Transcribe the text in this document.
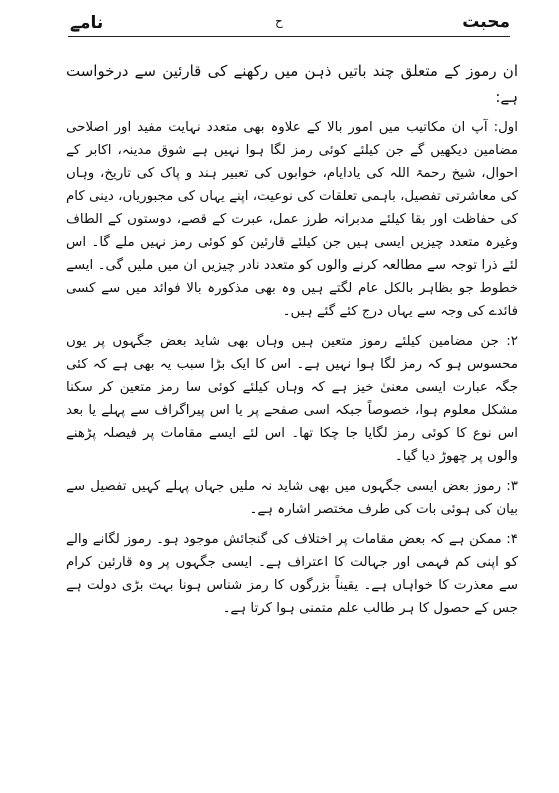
محبت
ح
نامے

ان رموز کے متعلق چند باتیں ذہن میں رکھنے کی قارئین سے درخواست ہے:

اول: آپ ان مکاتیب میں امور بالا کے علاوہ بھی متعدد نہایت مفید اور اصلاحی مضامین دیکھیں گے جن کیلئے کوئی رمز لگا ہوا نہیں ہے شوق مدینہ، اکابر کے احوال، شیخ رحمۃ اللہ کی یادایام، خوابوں کی تعبیر ہند و پاک کی تاریخ، وہاں کی معاشرتی تفصیل، باہمی تعلقات کی نوعیت، اپنے یہاں کی مجبوریاں، دینی کام کی حفاظت اور بقا کیلئے مدبرانہ طرز عمل، عبرت کے قصے، دوستوں کے الطاف وغیرہ متعدد چیزیں ایسی ہیں جن کیلئے قارئین کو کوئی رمز نہیں ملے گا۔ اس لئے ذرا توجہ سے مطالعہ کرنے والوں کو متعدد نادر چیزیں ان میں ملیں گی۔ ایسے خطوط جو بظاہر بالکل عام لگتے ہیں وہ بھی مذکورہ بالا فوائد میں سے کسی فائدے کی وجہ سے یہاں درج کئے گئے ہیں۔

۲: جن مضامین کیلئے رموز متعین ہیں وہاں بھی شاید بعض جگہوں پر یوں محسوس ہو کہ رمز لگا ہوا نہیں ہے۔ اس کا ایک بڑا سبب یہ بھی ہے کہ کئی جگہ عبارت ایسی معنیٰ خیز ہے کہ وہاں کیلئے کوئی سا رمز متعین کر سکنا مشکل معلوم ہوا، خصوصاً جبکہ اسی صفحے پر یا اس پیراگراف سے پہلے یا بعد اس نوع کا کوئی رمز لگایا جا چکا تھا۔ اس لئے ایسے مقامات پر فیصلہ پڑھنے والوں پر چھوڑ دیا گیا۔

۳: رموز بعض ایسی جگہوں میں بھی شاید نہ ملیں جہاں پہلے کہیں تفصیل سے بیان کی ہوئی بات کی طرف مختصر اشارہ ہے۔

۴: ممکن ہے کہ بعض مقامات پر اختلاف کی گنجائش موجود ہو۔ رموز لگانے والے کو اپنی کم فہمی اور جہالت کا اعتراف ہے۔ ایسی جگہوں پر وہ قارئین کرام سے معذرت کا خواہاں ہے۔ یقیناً بزرگوں کا رمز شناس ہونا بہت بڑی دولت ہے جس کے حصول کا ہر طالب علم متمنی ہوا کرتا ہے۔
